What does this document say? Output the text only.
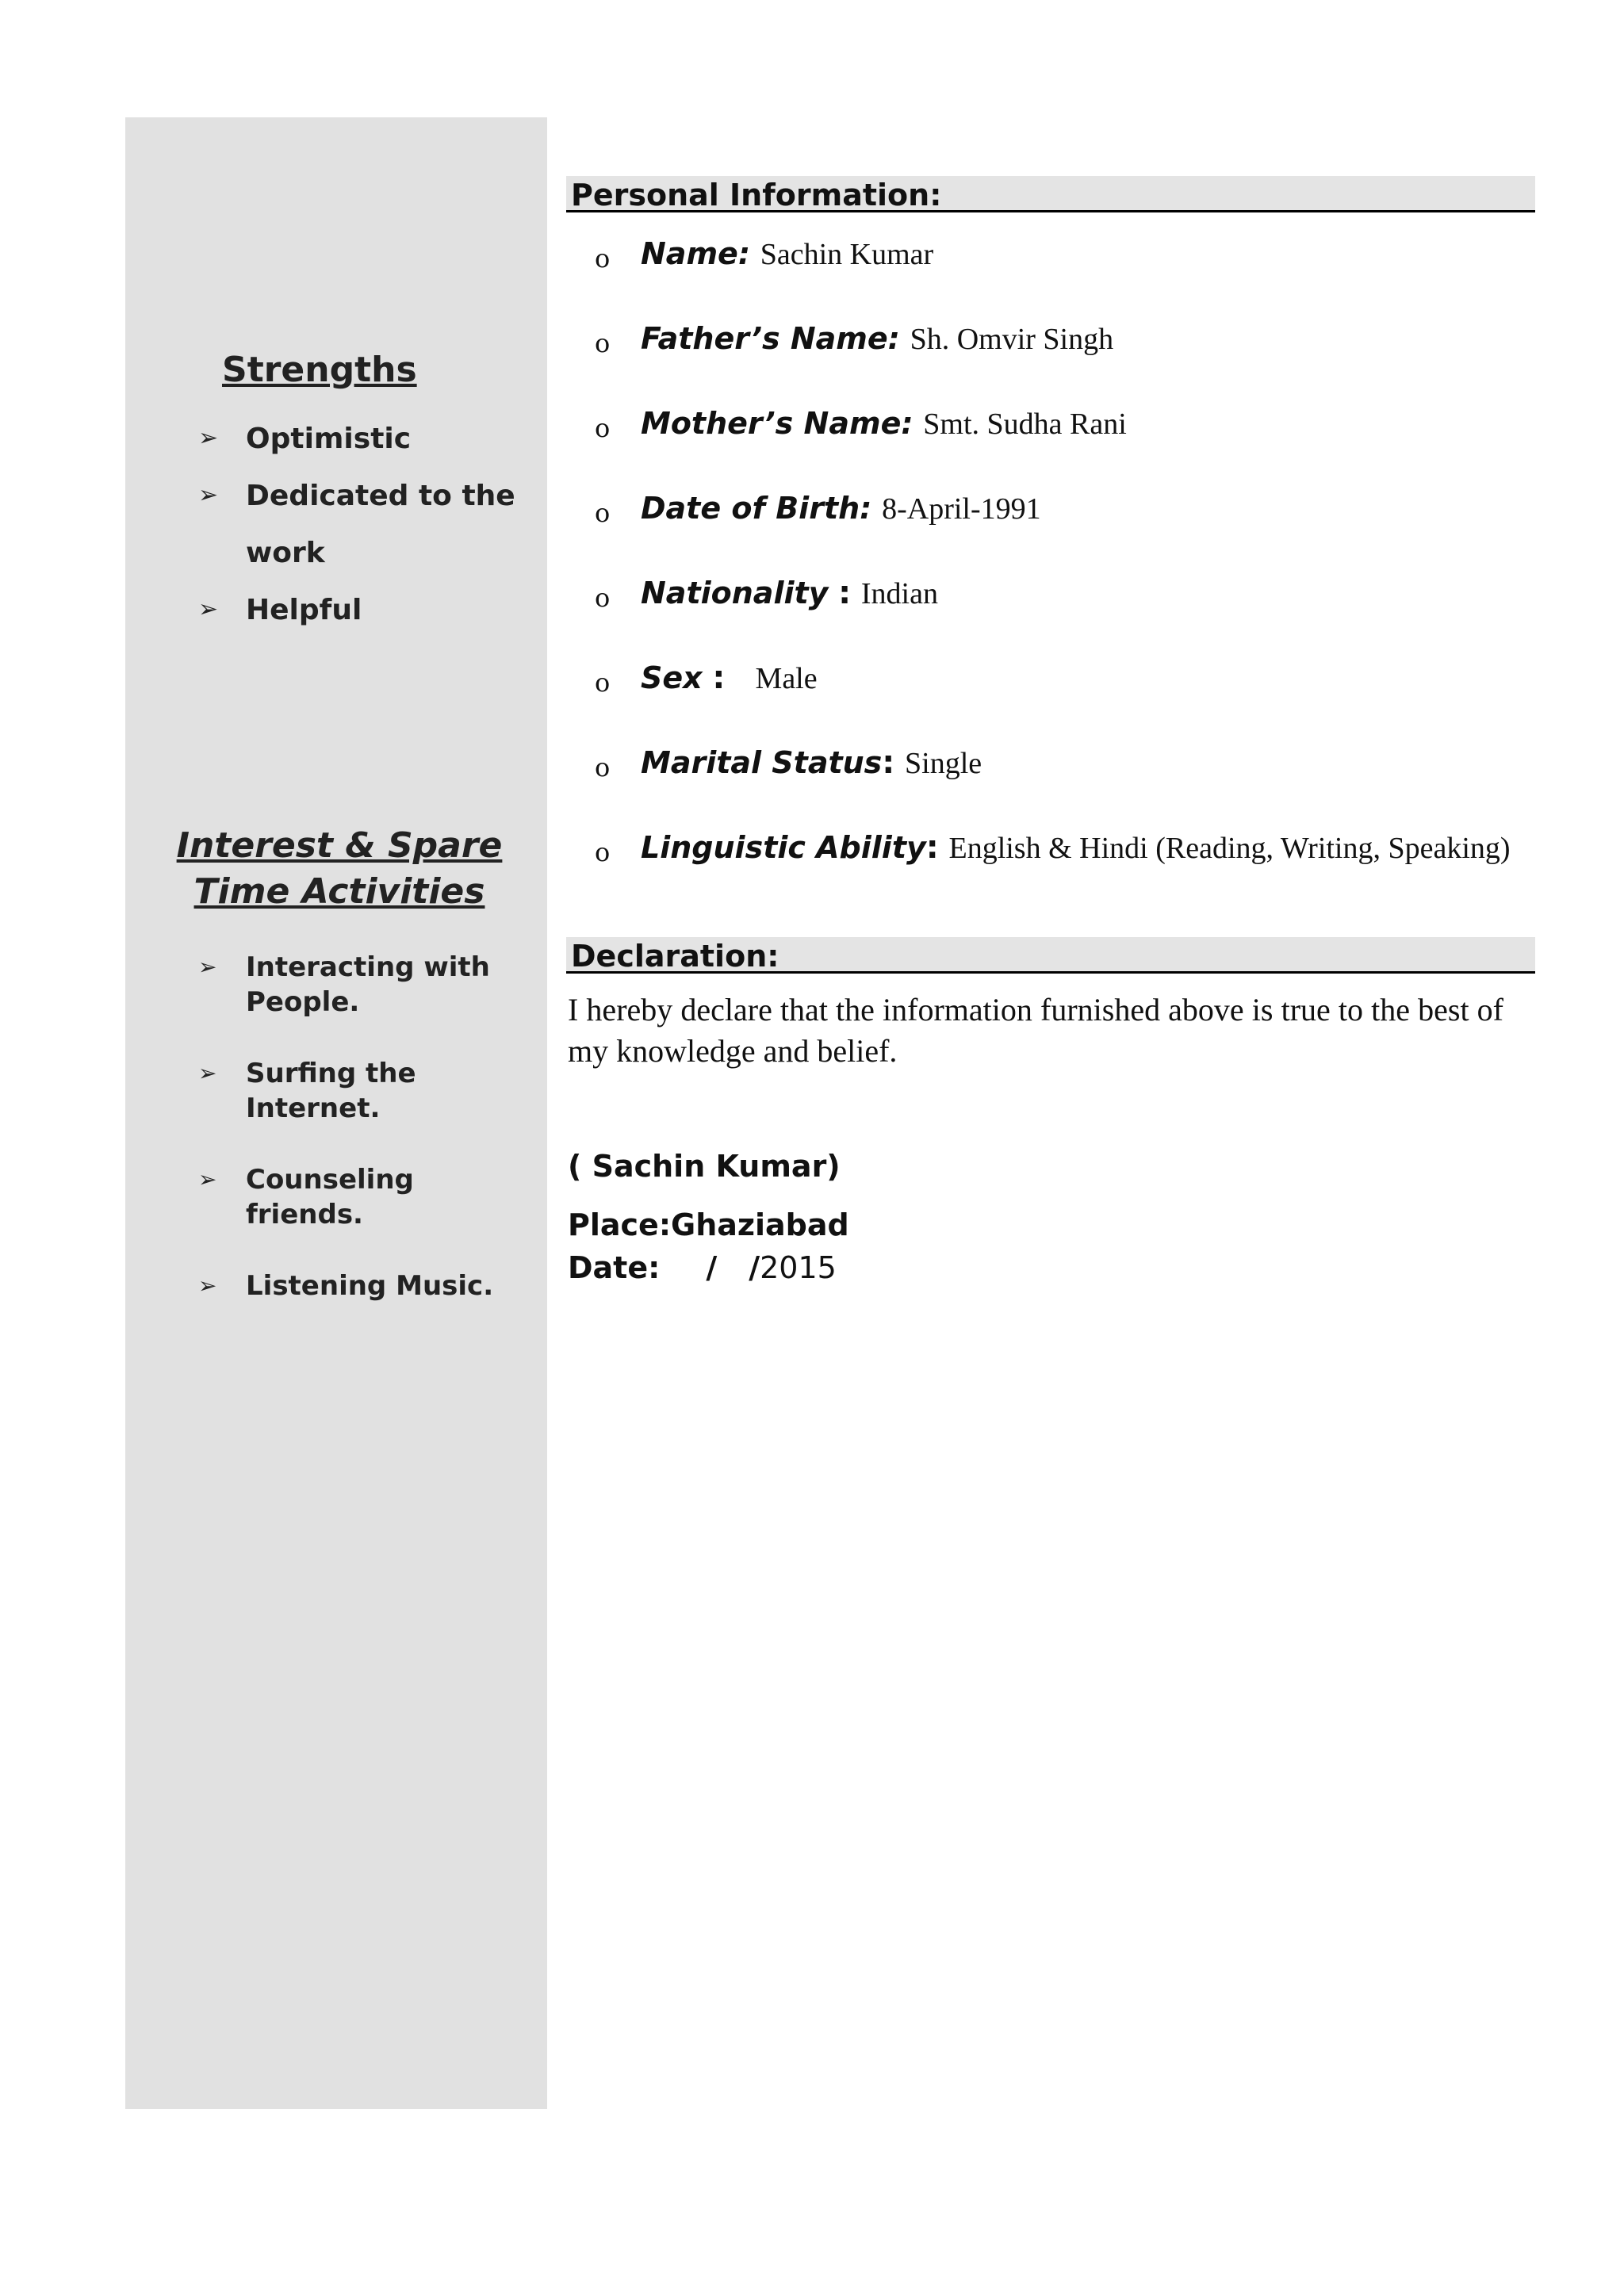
Strengths
➢ Optimistic
➢ Dedicated to the work
➢ Helpful
Interest & Spare Time Activities
➢ Interacting with People.
➢ Surfing the Internet.
➢ Counseling friends.
➢ Listening Music.
Personal Information:
o Name: Sachin Kumar
o Father’s Name: Sh. Omvir Singh
o Mother’s Name: Smt. Sudha Rani
o Date of Birth: 8-April-1991
o Nationality : Indian
o Sex : Male
o Marital Status: Single
o Linguistic Ability: English & Hindi (Reading, Writing, Speaking)
Declaration:
I hereby declare that the information furnished above is true to the best of my knowledge and belief.
( Sachin Kumar)
Place:Ghaziabad
Date: / /2015
